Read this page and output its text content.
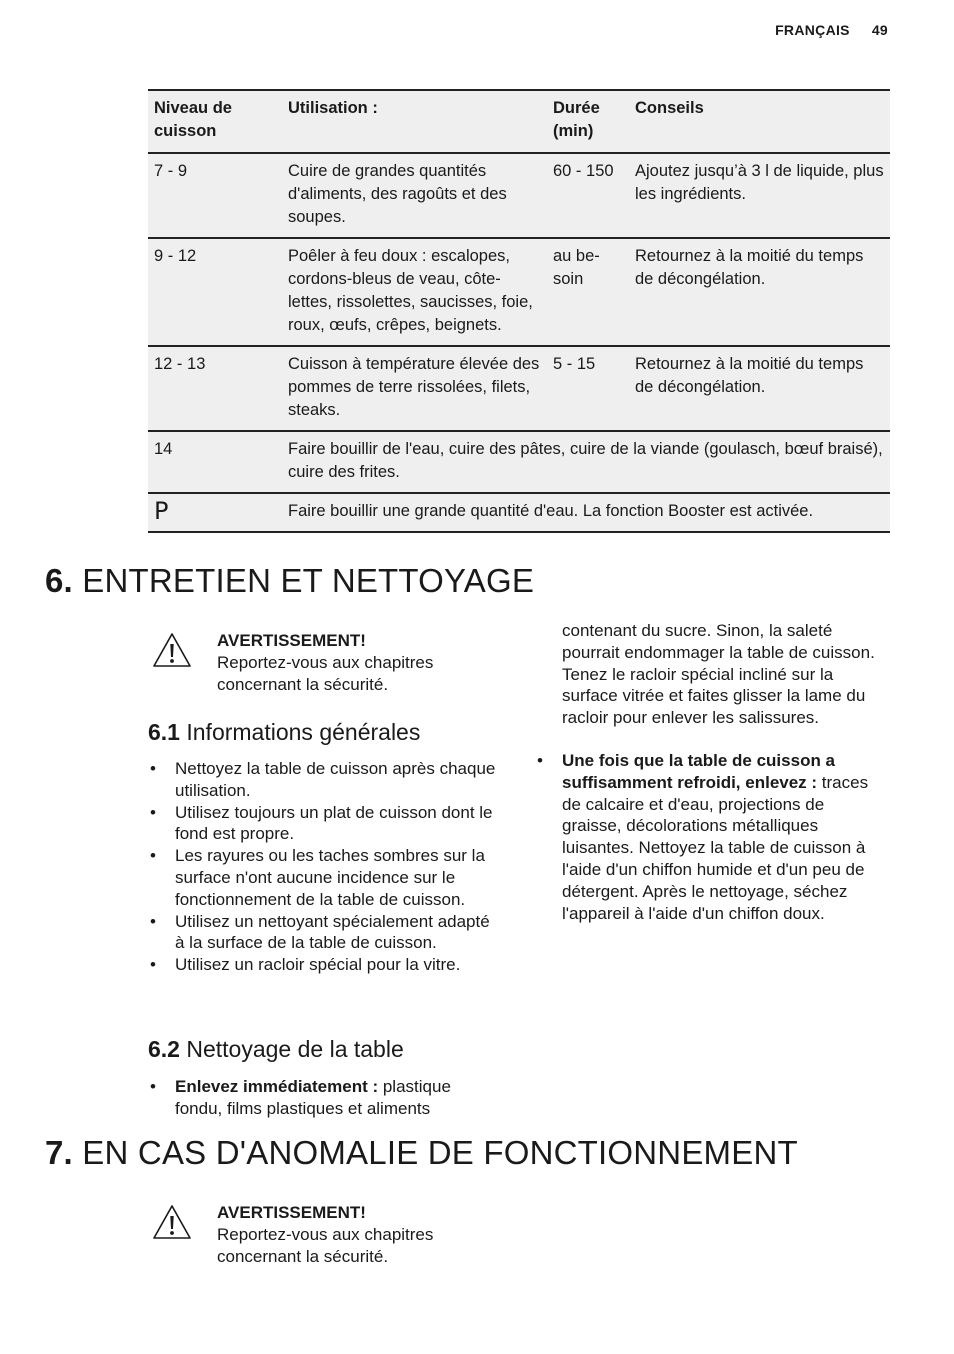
FRANÇAIS 49
Niveau de cuisson	Utilisation :	Durée (min)	Conseils
7 - 9	Cuire de grandes quantités d'aliments, des ragoûts et des soupes.	60 - 150	Ajoutez jusqu’à 3 l de liquide, plus les ingrédients.
9 - 12	Poêler à feu doux : escalopes, cordons-bleus de veau, côte-lettes, rissolettes, saucisses, foie, roux, œufs, crêpes, beignets.	au be-soin	Retournez à la moitié du temps de décongélation.
12 - 13	Cuisson à température élevée des pommes de terre rissolées, filets, steaks.	5 - 15	Retournez à la moitié du temps de décongélation.
14	Faire bouillir de l'eau, cuire des pâtes, cuire de la viande (goulasch, bœuf braisé), cuire des frites.		
P	Faire bouillir une grande quantité d'eau. La fonction Booster est activée.		
6. ENTRETIEN ET NETTOYAGE
AVERTISSEMENT!
Reportez-vous aux chapitres concernant la sécurité.
6.1 Informations générales
• Nettoyez la table de cuisson après chaque utilisation.
• Utilisez toujours un plat de cuisson dont le fond est propre.
• Les rayures ou les taches sombres sur la surface n'ont aucune incidence sur le fonctionnement de la table de cuisson.
• Utilisez un nettoyant spécialement adapté à la surface de la table de cuisson.
• Utilisez un racloir spécial pour la vitre.
6.2 Nettoyage de la table
• Enlevez immédiatement : plastique fondu, films plastiques et aliments
contenant du sucre. Sinon, la saleté pourrait endommager la table de cuisson. Tenez le racloir spécial incliné sur la surface vitrée et faites glisser la lame du racloir pour enlever les salissures.
• Une fois que la table de cuisson a suffisamment refroidi, enlevez : traces de calcaire et d'eau, projections de graisse, décolorations métalliques luisantes. Nettoyez la table de cuisson à l'aide d'un chiffon humide et d'un peu de détergent. Après le nettoyage, séchez l'appareil à l'aide d'un chiffon doux.
7. EN CAS D'ANOMALIE DE FONCTIONNEMENT
AVERTISSEMENT!
Reportez-vous aux chapitres concernant la sécurité.
